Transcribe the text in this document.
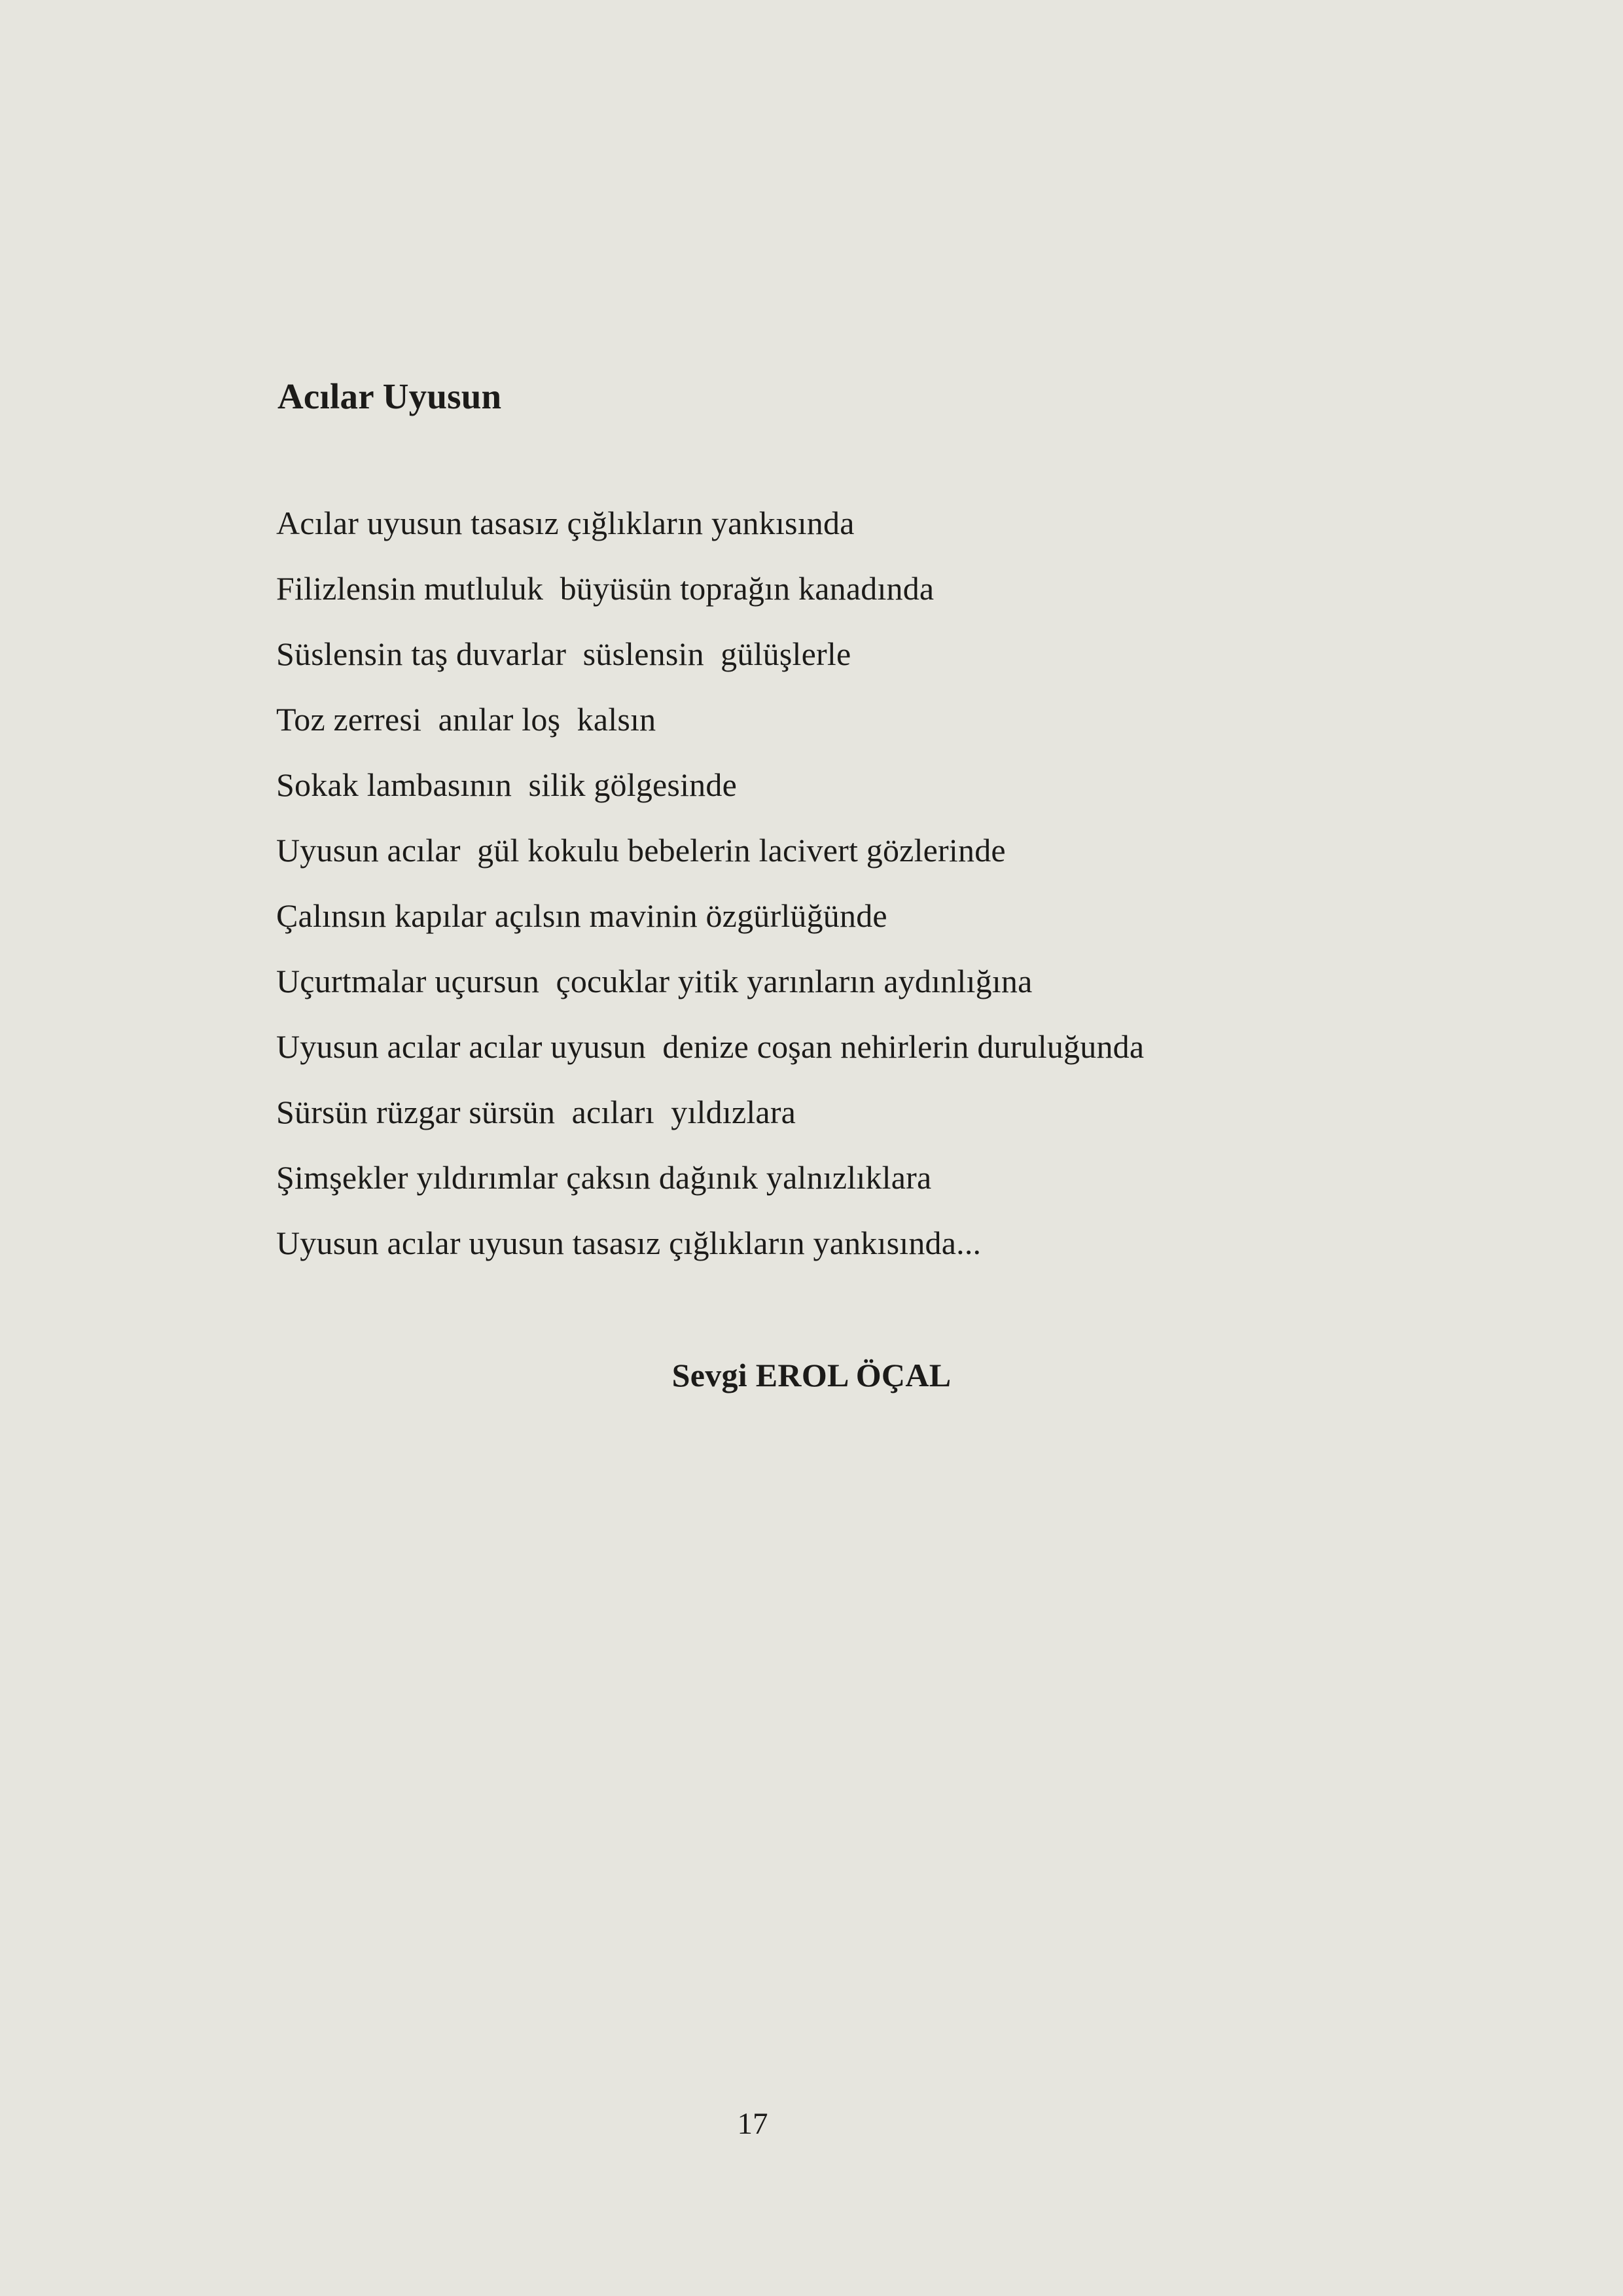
Acılar Uyusun
Acılar uyusun tasasız çığlıkların yankısında
Filizlensin mutluluk  büyüsün toprağın kanadında
Süslensin taş duvarlar  süslensin  gülüşlerle
Toz zerresi  anılar loş  kalsın
Sokak lambasının  silik gölgesinde
Uyusun acılar  gül kokulu bebelerin lacivert gözlerinde
Çalınsın kapılar açılsın mavinin özgürlüğünde
Uçurtmalar uçursun  çocuklar yitik yarınların aydınlığına
Uyusun acılar acılar uyusun  denize coşan nehirlerin duruluğunda
Sürsün rüzgar sürsün  acıları  yıldızlara
Şimşekler yıldırımlar çaksın dağınık yalnızlıklara
Uyusun acılar uyusun tasasız çığlıkların yankısında...
Sevgi EROL ÖÇAL
17
